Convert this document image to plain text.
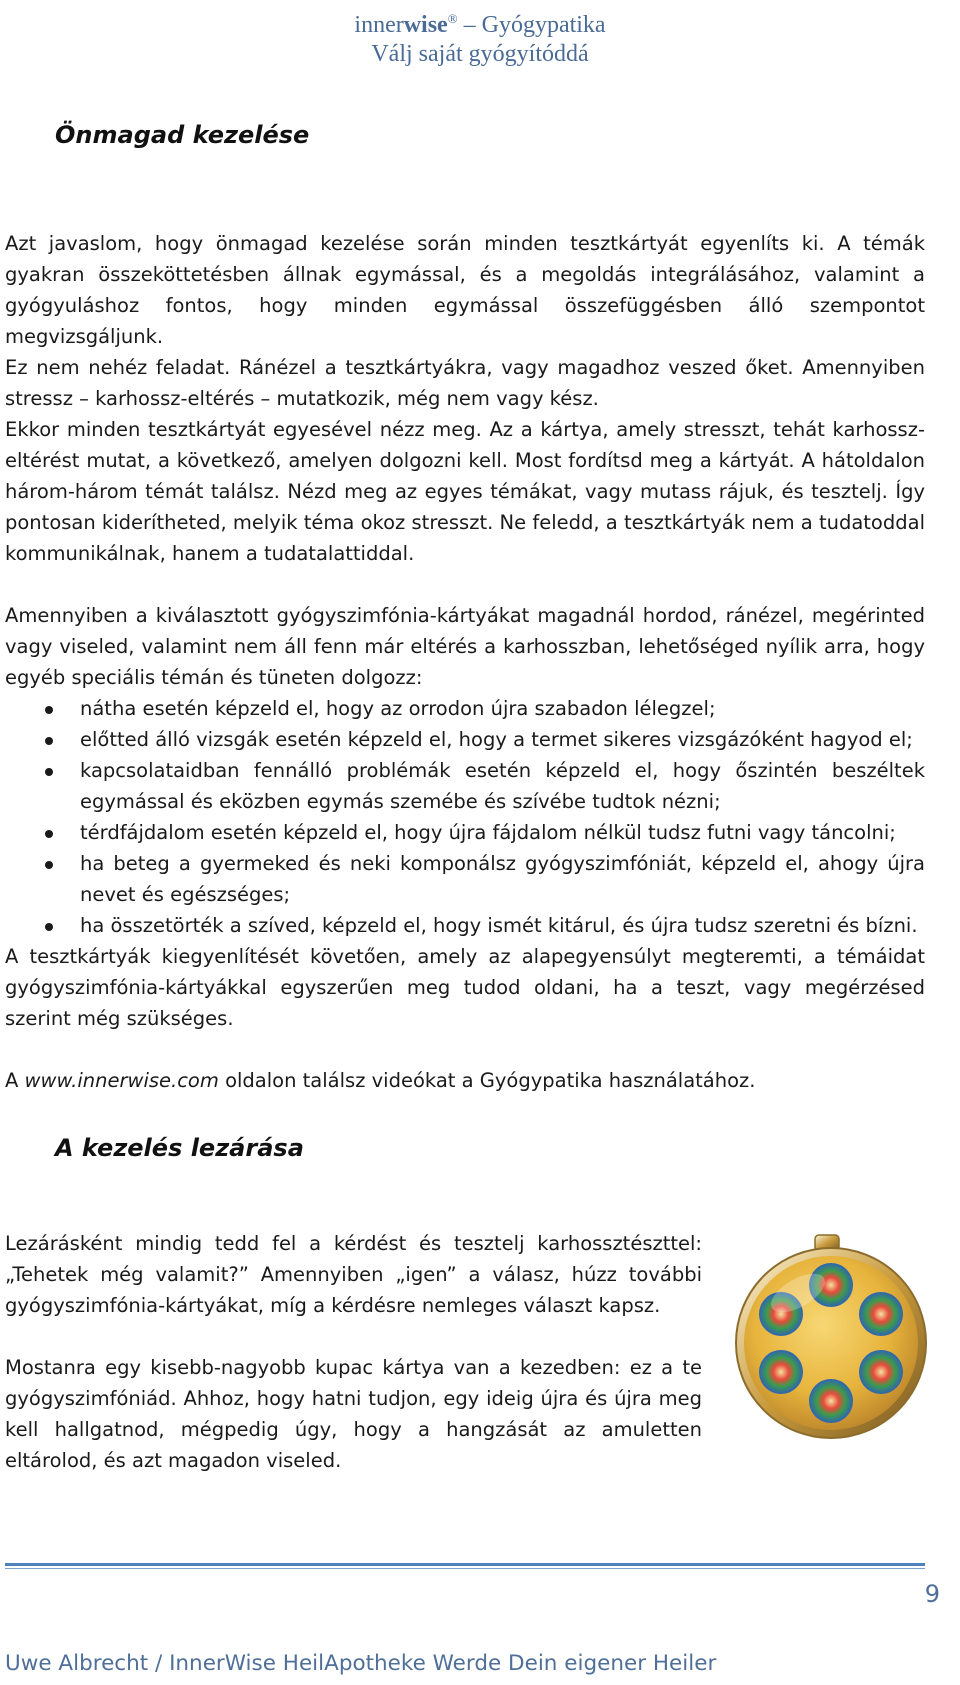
innerwise® – Gyógypatika
Válj saját gyógyítóddá
Önmagad kezelése

Azt javaslom, hogy önmagad kezelése során minden tesztkártyát egyenlíts ki. A témák gyakran összeköttetésben állnak egymással, és a megoldás integrálásához, valamint a gyógyuláshoz fontos, hogy minden egymással összefüggésben álló szempontot megvizsgáljunk.

Ez nem nehéz feladat. Ránézel a tesztkártyákra, vagy magadhoz veszed őket. Amennyiben stressz – karhossz-eltérés – mutatkozik, még nem vagy kész.

Ekkor minden tesztkártyát egyesével nézz meg. Az a kártya, amely stresszt, tehát karhossz-eltérést mutat, a következő, amelyen dolgozni kell. Most fordítsd meg a kártyát. A hátoldalon három-három témát találsz. Nézd meg az egyes témákat, vagy mutass rájuk, és tesztelj. Így pontosan kiderítheted, melyik téma okoz stresszt. Ne feledd, a tesztkártyák nem a tudatoddal kommunikálnak, hanem a tudatalattiddal.

Amennyiben a kiválasztott gyógyszimfónia-kártyákat magadnál hordod, ránézel, megérinted vagy viseled, valamint nem áll fenn már eltérés a karhosszban, lehetőséged nyílik arra, hogy egyéb speciális témán és tüneten dolgozz:

nátha esetén képzeld el, hogy az orrodon újra szabadon lélegzel;
előtted álló vizsgák esetén képzeld el, hogy a termet sikeres vizsgázóként hagyod el;
kapcsolataidban fennálló problémák esetén képzeld el, hogy őszintén beszéltek egymással és eközben egymás szemébe és szívébe tudtok nézni;
térdfájdalom esetén képzeld el, hogy újra fájdalom nélkül tudsz futni vagy táncolni;
ha beteg a gyermeked és neki komponálsz gyógyszimfóniát, képzeld el, ahogy újra nevet és egészséges;
ha összetörték a szíved, képzeld el, hogy ismét kitárul, és újra tudsz szeretni és bízni.

A tesztkártyák kiegyenlítését követően, amely az alapegyensúlyt megteremti, a témáidat gyógyszimfónia-kártyákkal egyszerűen meg tudod oldani, ha a teszt, vagy megérzésed szerint még szükséges.

A www.innerwise.com oldalon találsz videókat a Gyógypatika használatához.

A kezelés lezárása

Lezárásként mindig tedd fel a kérdést és tesztelj karhossztészttel: „Tehetek még valamit?” Amennyiben „igen” a válasz, húzz további gyógyszimfónia-kártyákat, míg a kérdésre nemleges választ kapsz.

Mostanra egy kisebb-nagyobb kupac kártya van a kezedben: ez a te gyógyszimfóniád. Ahhoz, hogy hatni tudjon, egy ideig újra és újra meg kell hallgatnod, mégpedig úgy, hogy a hangzását az amuletten eltárolod, és azt magadon viseled.

9
Uwe Albrecht / InnerWise HeilApotheke Werde Dein eigener Heiler
